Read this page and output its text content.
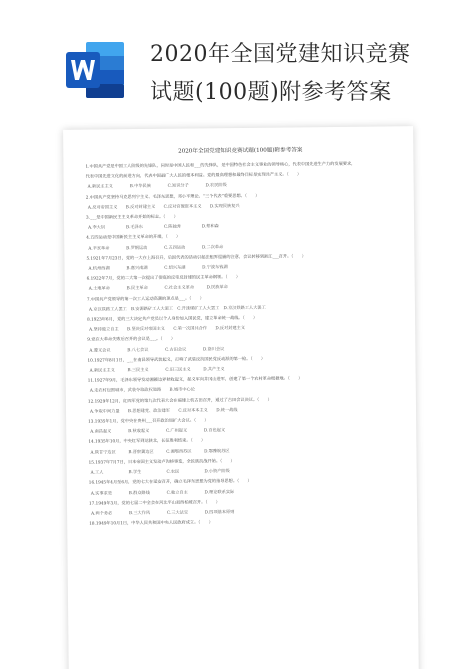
2020年全国党建知识竞赛
试题(100题)附参考答案
2020年全国党建知识竞赛试题(100题)附参考答案
1.中国共产党是中国工人阶级的先锋队，同时是中国人民和___的先锋队，是中国特色社会主义事业的领导核心，代表中国先进生产力的发展要求，
代表中国先进文化的前进方向，代表中国最广大人民的根本利益。党的最高理想和最终目标是实现共产主义。（　　）
A.新民主主义　　　　B.中华民族　　　　C.知识分子　　　　D.农民阶级
2.中国共产党坚持马克思列宁主义、毛泽东思想，邓小平理论、“三个代表”重要思想。（　　）
A.反对帝国主义　　B.反对封建主义　　C.反对官僚资本主义　　D.实现民族复兴
3.___是中国新民主主义革命开始的标志。（　　）
A.李大钊　　　　　B.毛泽东　　　　　C.陈独秀　　　　　D.蔡和森
4.五四运动是中国新民主主义革命的开端，（　　）
A.辛亥革命　　　　B.罗钢运动　　　　C.五四运动　　　　D.二次革命
5.1921年7月23日，党的一大在上海召开，后因代表的活动引起法租界巡捕的注意，会议转移到浙江___召开。（　　）
A.杭州西湖　　　　B.嘉兴南湖　　　　C.绍兴东湖　　　　D.宁波东钱湖
6.1922年7月，党的二大第一次提出了彻底的反帝反封建的民主革命纲领。（　　）
A.土地革命　　　　B.民主革命　　　　C.社会主义革命　　　D.民族革命
7.中国共产党领导的第一次工人运动高潮的顶点是___。（　　）
A.京汉铁路工人罢工　B.安源路矿工人大罢工　C.开滦煤矿工人大罢工　D.京汉铁路工人大罢工
8.1923年6月，党的三大决定共产党员以个人身份加入国民党，建立革命统一战线。（　　）
A.坚持独立自主　　B.坚决反对帝国主义　　C.第一次国共合作　　D.反对封建主义
9.党在大革命失败后召开的会议是___。（　　）
A.遵义会议　　　　B.八七会议　　　　C.古田会议　　　　D.洛川会议
10.1927年8月1日，___在南昌领导武装起义，打响了武装反抗国民党反动派的第一枪。（　　）
A.新民主主义　　　B.三民主义　　　　C.旧三民主义　　　D.共产主义
11.1927年9月，毛泽东领导发动湘赣边界秋收起义，起义军向井冈山进军，创建了第一个农村革命根据地。（　　）
A.走农村包围城市，武装夺取政权道路　　B.城市中心论
12.1929年12月，红四军党的第九次代表大会在福建上杭古田召开，通过了古田会议决议。（　　）
A.争取中间力量　　B.思想建党、政治建军　　C.反对本本主义　　D.统一战线
13.1935年1月，党中央在贵州___召开政治局扩大会议。（　　）
A.南昌起义　　　　B.秋收起义　　　　C.广州起义　　　　D.百色起义
14.1935年10月，中央红军到达陕北，长征胜利结束。（　　）
A.陕甘宁边区　　　B.晋察冀边区　　　C.湘鄂西苏区　　　D.鄂豫皖苏区
15.1937年7月7日，日本帝国主义发动卢沟桥事变，全民族抗战开始。（　　）
A.工人　　　　　　B.学生　　　　　　C.农民　　　　　　D.小资产阶级
16.1945年4月至6月，党的七大在延安召开，确立毛泽东思想为党的指导思想。（　　）
A.实事求是　　　　B.群众路线　　　　C.独立自主　　　　D.理论联系实际
17.1949年3月，党的七届二中全会在河北平山县西柏坡召开。（　　）
A.两个务必　　　　B.三大作风　　　　C.三大法宝　　　　D.四项基本原则
18.1949年10月1日，中华人民共和国中央人民政府成立。（　　）
